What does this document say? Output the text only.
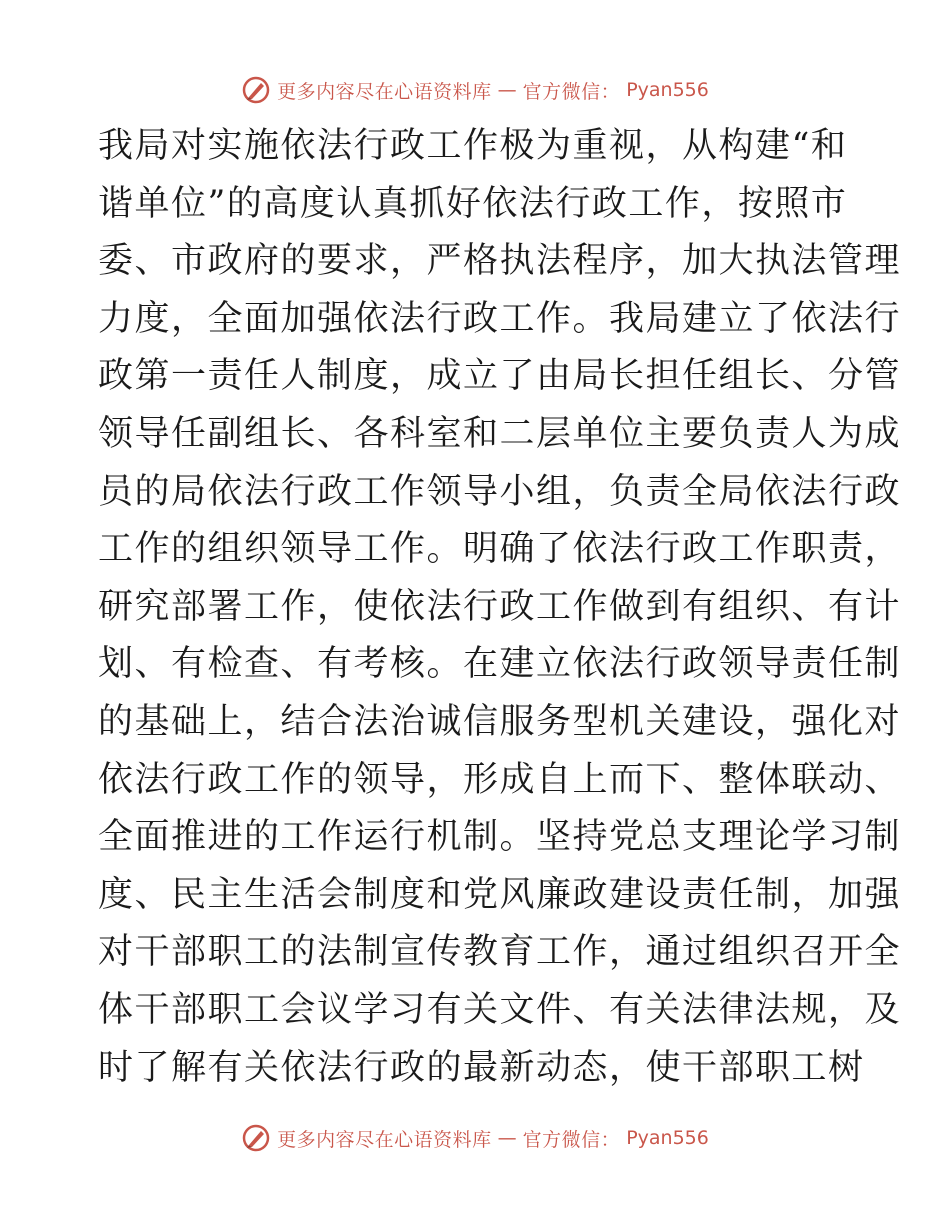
更多内容尽在心语资料库 — 官方微信： Pyan556
我局对实施依法行政工作极为重视，从构建“和
谐单位”的高度认真抓好依法行政工作，按照市
委、市政府的要求，严格执法程序，加大执法管理
力度，全面加强依法行政工作。我局建立了依法行
政第一责任人制度，成立了由局长担任组长、分管
领导任副组长、各科室和二层单位主要负责人为成
员的局依法行政工作领导小组，负责全局依法行政
工作的组织领导工作。明确了依法行政工作职责，
研究部署工作，使依法行政工作做到有组织、有计
划、有检查、有考核。在建立依法行政领导责任制
的基础上，结合法治诚信服务型机关建设，强化对
依法行政工作的领导，形成自上而下、整体联动、
全面推进的工作运行机制。坚持党总支理论学习制
度、民主生活会制度和党风廉政建设责任制，加强
对干部职工的法制宣传教育工作，通过组织召开全
体干部职工会议学习有关文件、有关法律法规，及
时了解有关依法行政的最新动态，使干部职工树
更多内容尽在心语资料库 — 官方微信： Pyan556
